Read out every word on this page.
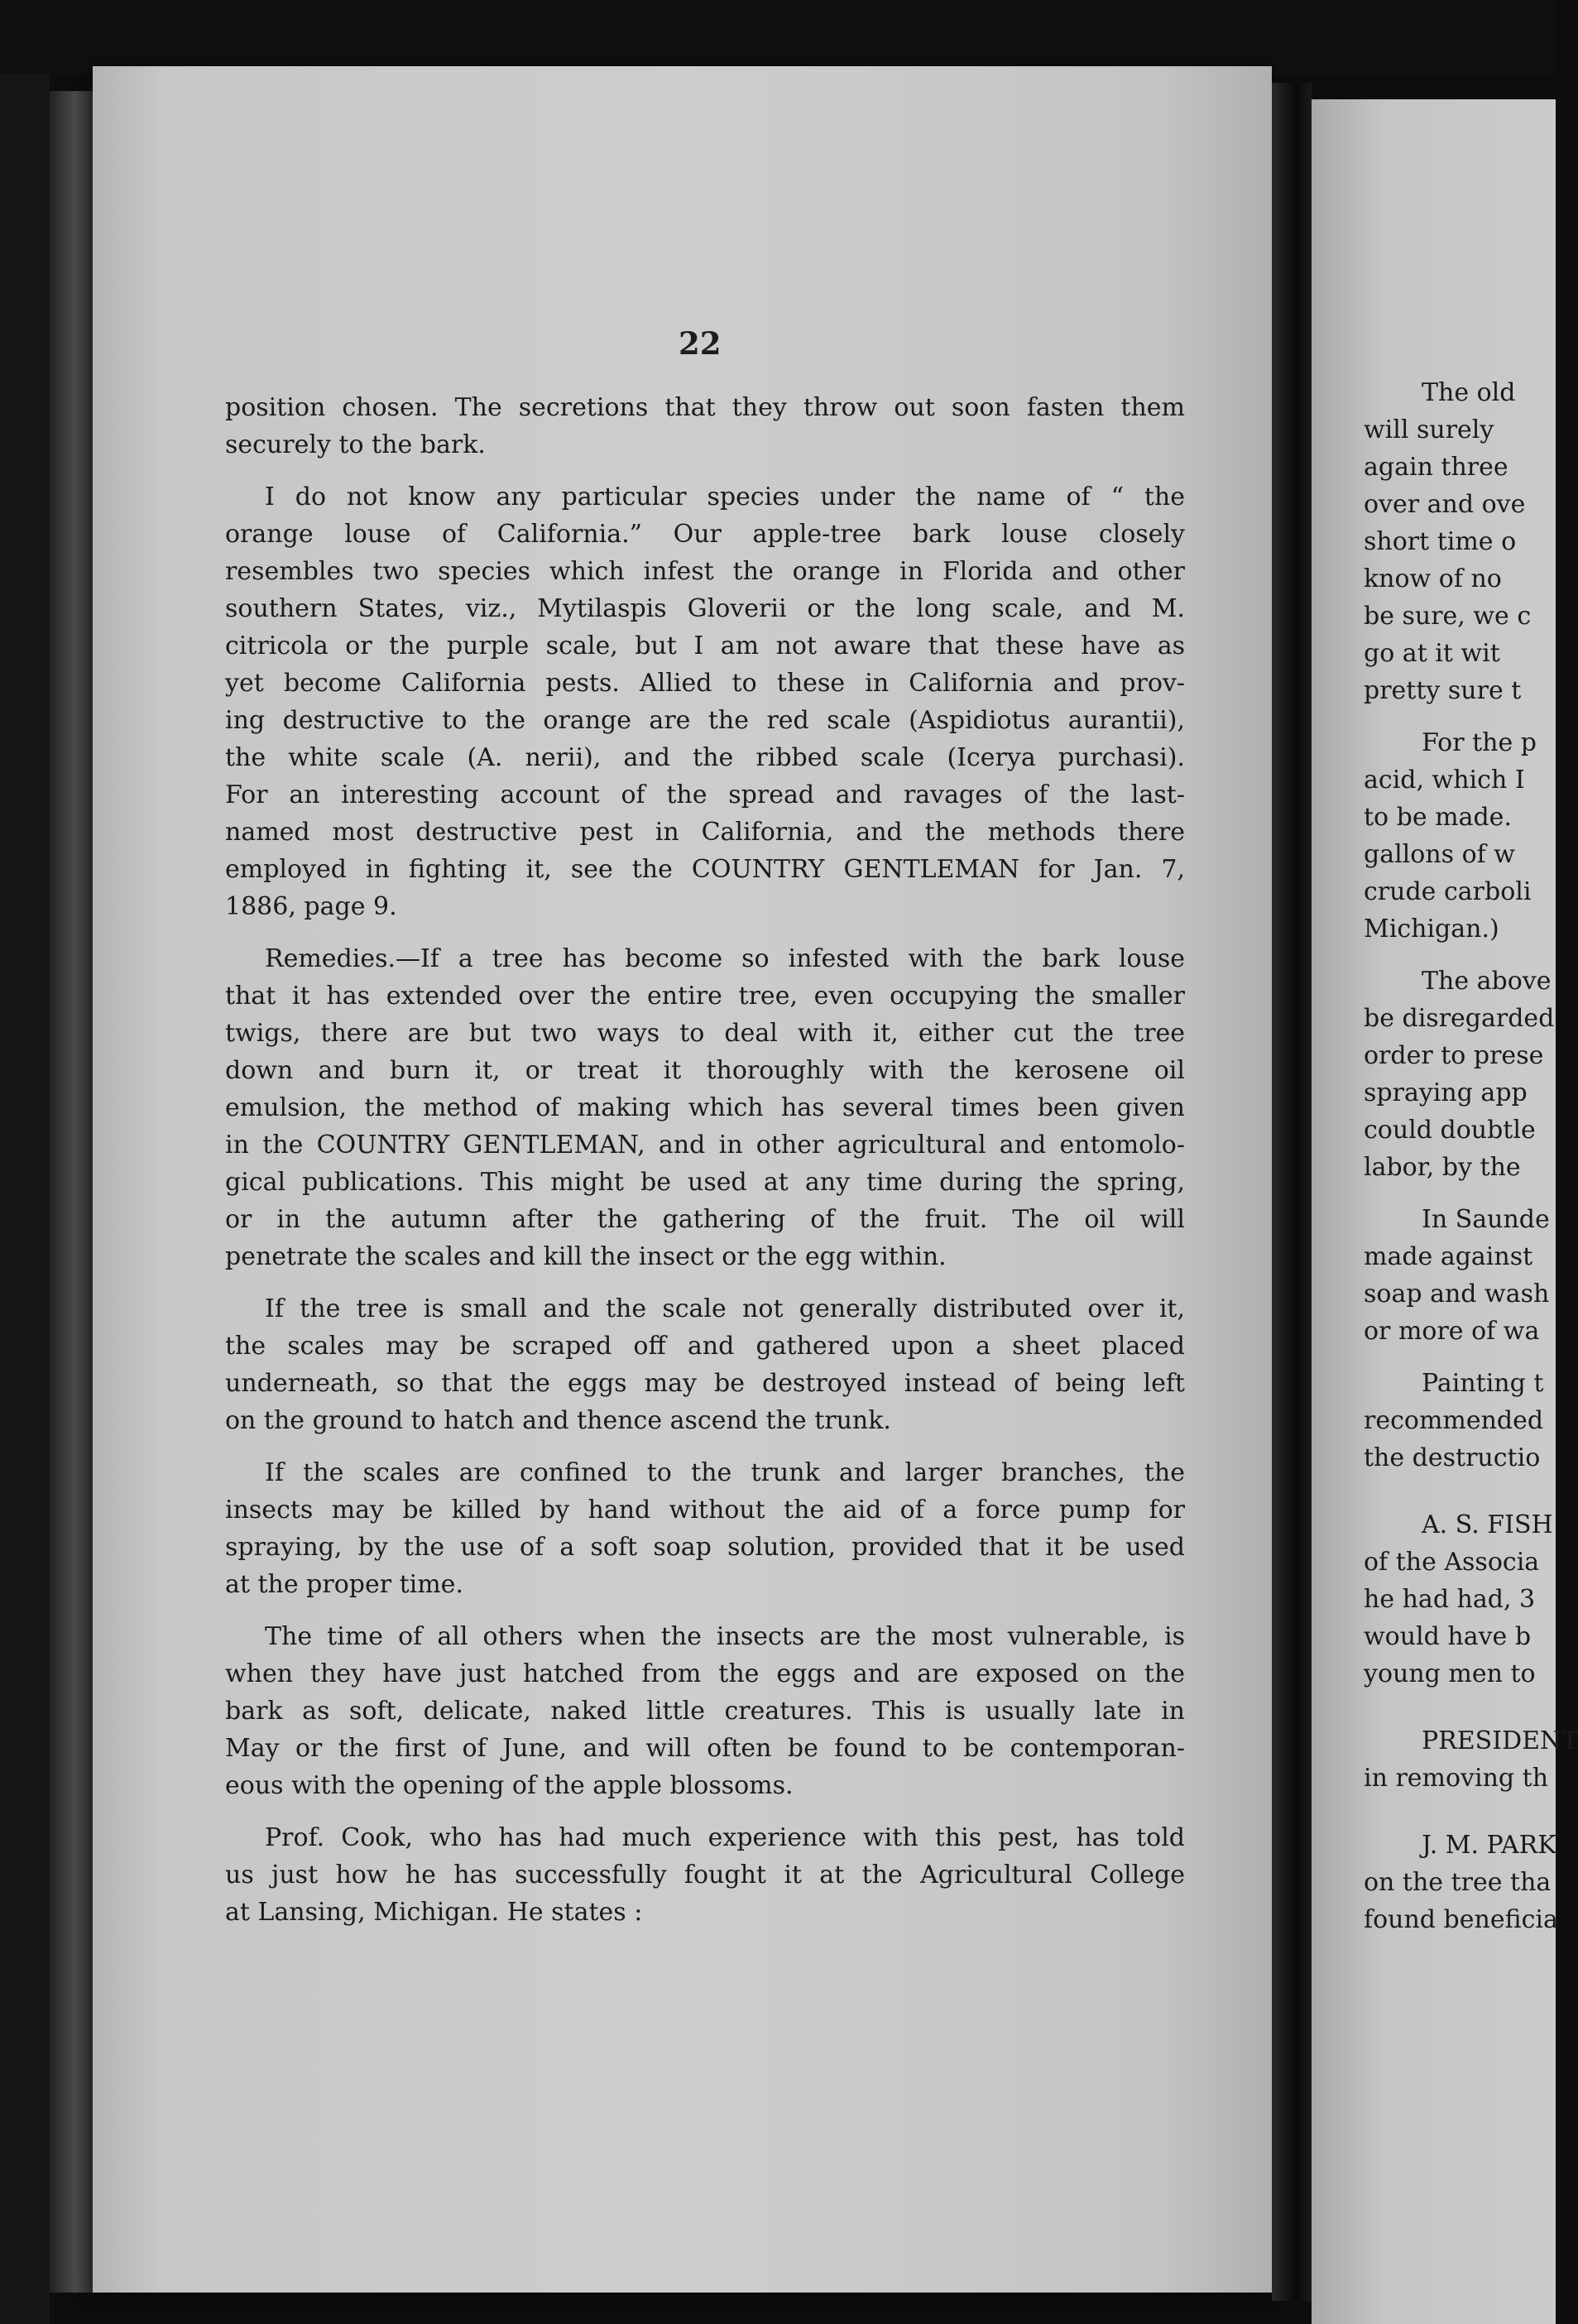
22
position chosen. The secretions that they throw out soon fasten them
securely to the bark.
I do not know any particular species under the name of “ the
orange louse of California.” Our apple-tree bark louse closely
resembles two species which infest the orange in Florida and other
southern States, viz., Mytilaspis Gloverii or the long scale, and M.
citricola or the purple scale, but I am not aware that these have as
yet become California pests. Allied to these in California and prov-
ing destructive to the orange are the red scale (Aspidiotus aurantii),
the white scale (A. nerii), and the ribbed scale (Icerya purchasi).
For an interesting account of the spread and ravages of the last-
named most destructive pest in California, and the methods there
employed in fighting it, see the COUNTRY GENTLEMAN for Jan. 7,
1886, page 9.
Remedies.—If a tree has become so infested with the bark louse
that it has extended over the entire tree, even occupying the smaller
twigs, there are but two ways to deal with it, either cut the tree
down and burn it, or treat it thoroughly with the kerosene oil
emulsion, the method of making which has several times been given
in the COUNTRY GENTLEMAN, and in other agricultural and entomolo-
gical publications. This might be used at any time during the spring,
or in the autumn after the gathering of the fruit. The oil will
penetrate the scales and kill the insect or the egg within.
If the tree is small and the scale not generally distributed over it,
the scales may be scraped off and gathered upon a sheet placed
underneath, so that the eggs may be destroyed instead of being left
on the ground to hatch and thence ascend the trunk.
If the scales are confined to the trunk and larger branches, the
insects may be killed by hand without the aid of a force pump for
spraying, by the use of a soft soap solution, provided that it be used
at the proper time.
The time of all others when the insects are the most vulnerable, is
when they have just hatched from the eggs and are exposed on the
bark as soft, delicate, naked little creatures. This is usually late in
May or the first of June, and will often be found to be contemporan-
eous with the opening of the apple blossoms.
Prof. Cook, who has had much experience with this pest, has told
us just how he has successfully fought it at the Agricultural College
at Lansing, Michigan. He states :
The old
will surely
again three
over and ove
short time o
know of no
be sure, we c
go at it wit
pretty sure t
For the p
acid, which I
to be made.
gallons of w
crude carboli
Michigan.)
The above
be disregarded
order to prese
spraying app
could doubtle
labor, by the
In Saunde
made against
soap and wash
or more of wa
Painting t
recommended
the destructio
A. S. FISH
of the Associa
he had had, 3
would have b
young men to
PRESIDENT
in removing th
J. M. PARK
on the tree tha
found beneficia
